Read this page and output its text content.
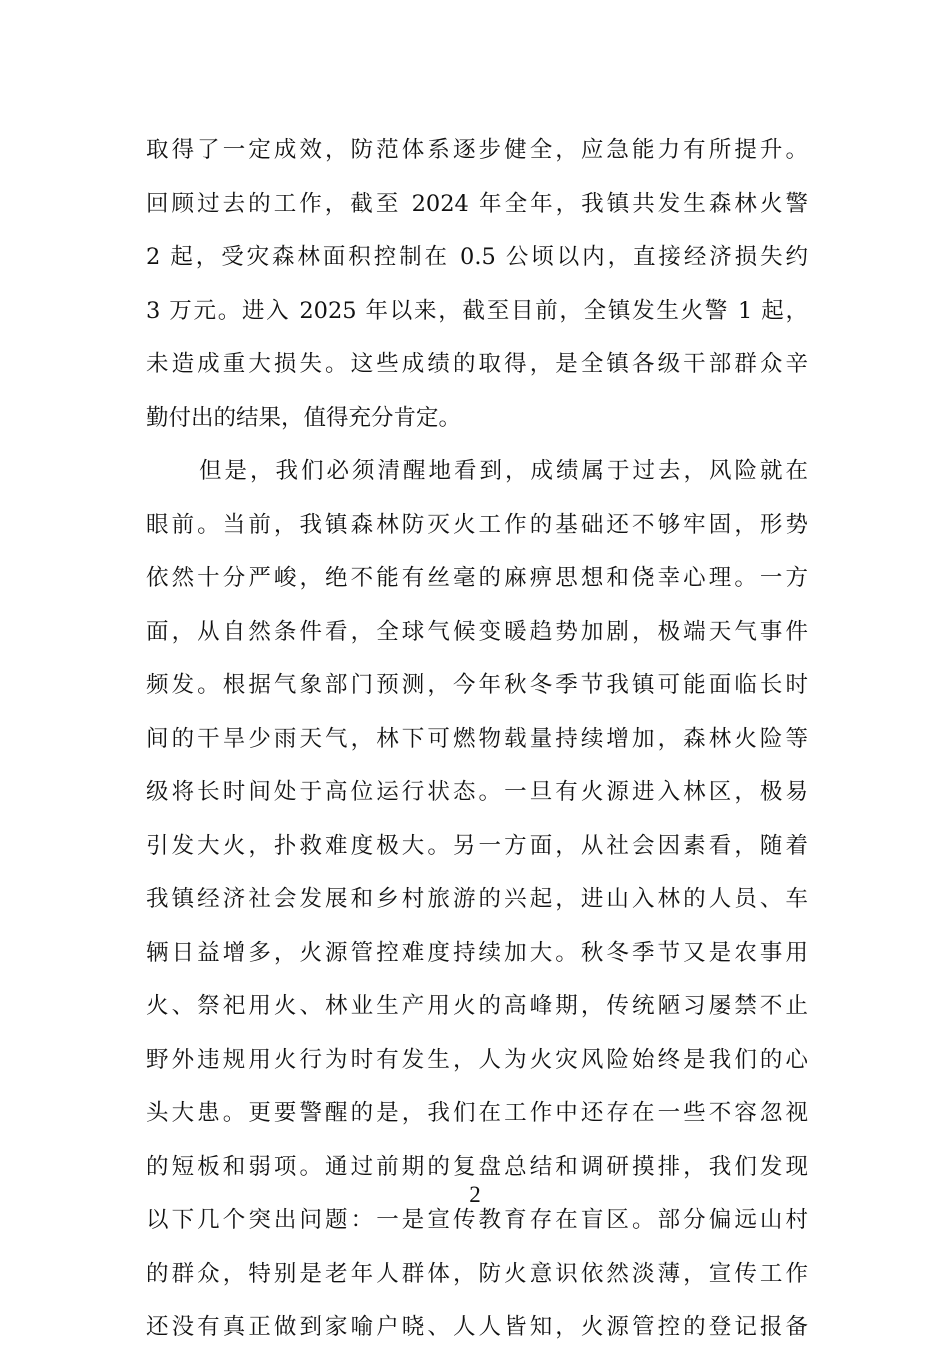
取得了一定成效，防范体系逐步健全，应急能力有所提升。
回顾过去的工作，截至 2024 年全年，我镇共发生森林火警
2 起，受灾森林面积控制在 0.5 公顷以内，直接经济损失约
3 万元。进入 2025 年以来，截至目前，全镇发生火警 1 起，
未造成重大损失。这些成绩的取得，是全镇各级干部群众辛
勤付出的结果，值得充分肯定。
但是，我们必须清醒地看到，成绩属于过去，风险就在
眼前。当前，我镇森林防灭火工作的基础还不够牢固，形势
依然十分严峻，绝不能有丝毫的麻痹思想和侥幸心理。一方
面，从自然条件看，全球气候变暖趋势加剧，极端天气事件
频发。根据气象部门预测，今年秋冬季节我镇可能面临长时
间的干旱少雨天气，林下可燃物载量持续增加，森林火险等
级将长时间处于高位运行状态。一旦有火源进入林区，极易
引发大火，扑救难度极大。另一方面，从社会因素看，随着
我镇经济社会发展和乡村旅游的兴起，进山入林的人员、车
辆日益增多，火源管控难度持续加大。秋冬季节又是农事用
火、祭祀用火、林业生产用火的高峰期，传统陋习屡禁不止
野外违规用火行为时有发生，人为火灾风险始终是我们的心
头大患。更要警醒的是，我们在工作中还存在一些不容忽视
的短板和弱项。通过前期的复盘总结和调研摸排，我们发现
以下几个突出问题：一是宣传教育存在盲区。部分偏远山村
的群众，特别是老年人群体，防火意识依然淡薄，宣传工作
还没有真正做到家喻户晓、人人皆知，火源管控的登记报备
2
